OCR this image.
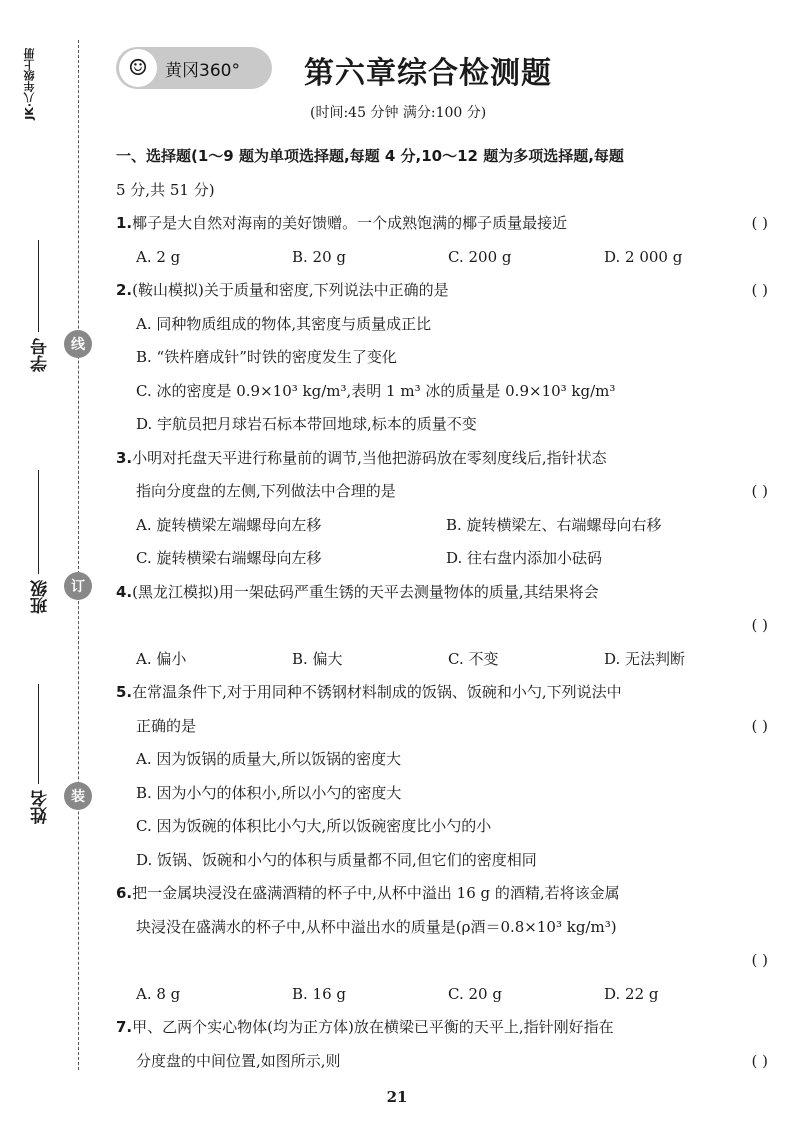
JK·八年级上册
线
订
装
学号
班级
姓名
☺	黄冈360° 第六章综合检测题
(时间:45 分钟 满分:100 分)
一、选择题(1～9 题为单项选择题,每题 4 分,10～12 题为多项选择题,每题
5 分,共 51 分)
1.椰子是大自然对海南的美好馈赠。一个成熟饱满的椰子质量最接近	( )
A. 2 g	B. 20 g	C. 200 g	D. 2 000 g
2.(鞍山模拟)关于质量和密度,下列说法中正确的是	( )
A. 同种物质组成的物体,其密度与质量成正比
B. “铁杵磨成针”时铁的密度发生了变化
C. 冰的密度是 0.9×10³ kg/m³,表明 1 m³ 冰的质量是 0.9×10³ kg/m³
D. 宇航员把月球岩石标本带回地球,标本的质量不变
3.小明对托盘天平进行称量前的调节,当他把游码放在零刻度线后,指针状态
指向分度盘的左侧,下列做法中合理的是	( )
A. 旋转横梁左端螺母向左移	B. 旋转横梁左、右端螺母向右移
C. 旋转横梁右端螺母向左移	D. 往右盘内添加小砝码
4.(黑龙江模拟)用一架砝码严重生锈的天平去测量物体的质量,其结果将会
( )
A. 偏小	B. 偏大	C. 不变	D. 无法判断
5.在常温条件下,对于用同种不锈钢材料制成的饭锅、饭碗和小勺,下列说法中
正确的是	( )
A. 因为饭锅的质量大,所以饭锅的密度大
B. 因为小勺的体积小,所以小勺的密度大
C. 因为饭碗的体积比小勺大,所以饭碗密度比小勺的小
D. 饭锅、饭碗和小勺的体积与质量都不同,但它们的密度相同
6.把一金属块浸没在盛满酒精的杯子中,从杯中溢出 16 g 的酒精,若将该金属
块浸没在盛满水的杯子中,从杯中溢出水的质量是(ρ酒＝0.8×10³ kg/m³)
( )
A. 8 g	B. 16 g	C. 20 g	D. 22 g
7.甲、乙两个实心物体(均为正方体)放在横梁已平衡的天平上,指针刚好指在
分度盘的中间位置,如图所示,则	( )
21
